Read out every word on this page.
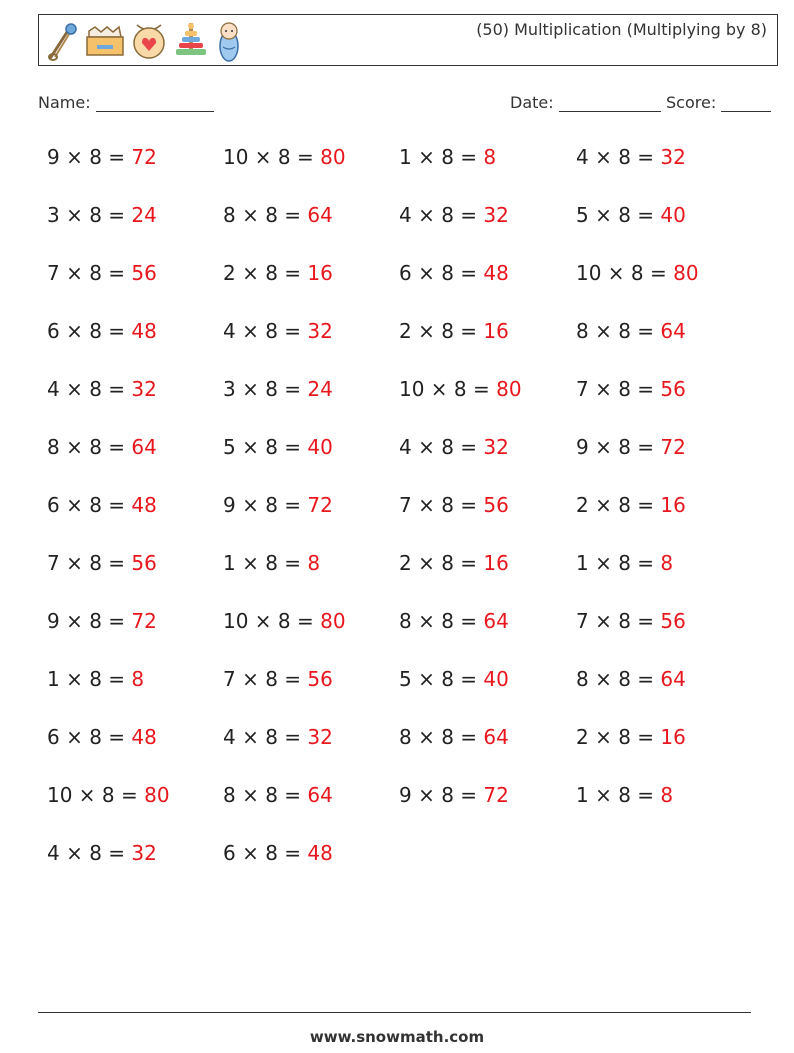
(50) Multiplication (Multiplying by 8)
Name:	Date:	Score:
9 × 8 = 72
3 × 8 = 24
7 × 8 = 56
6 × 8 = 48
4 × 8 = 32
8 × 8 = 64
6 × 8 = 48
7 × 8 = 56
9 × 8 = 72
1 × 8 = 8
6 × 8 = 48
10 × 8 = 80
4 × 8 = 32
10 × 8 = 80
8 × 8 = 64
2 × 8 = 16
4 × 8 = 32
3 × 8 = 24
5 × 8 = 40
9 × 8 = 72
1 × 8 = 8
10 × 8 = 80
7 × 8 = 56
4 × 8 = 32
8 × 8 = 64
6 × 8 = 48
1 × 8 = 8
4 × 8 = 32
6 × 8 = 48
2 × 8 = 16
10 × 8 = 80
4 × 8 = 32
7 × 8 = 56
2 × 8 = 16
8 × 8 = 64
5 × 8 = 40
8 × 8 = 64
9 × 8 = 72
4 × 8 = 32
5 × 8 = 40
10 × 8 = 80
8 × 8 = 64
7 × 8 = 56
9 × 8 = 72
2 × 8 = 16
1 × 8 = 8
7 × 8 = 56
8 × 8 = 64
2 × 8 = 16
1 × 8 = 8
www.snowmath.com
